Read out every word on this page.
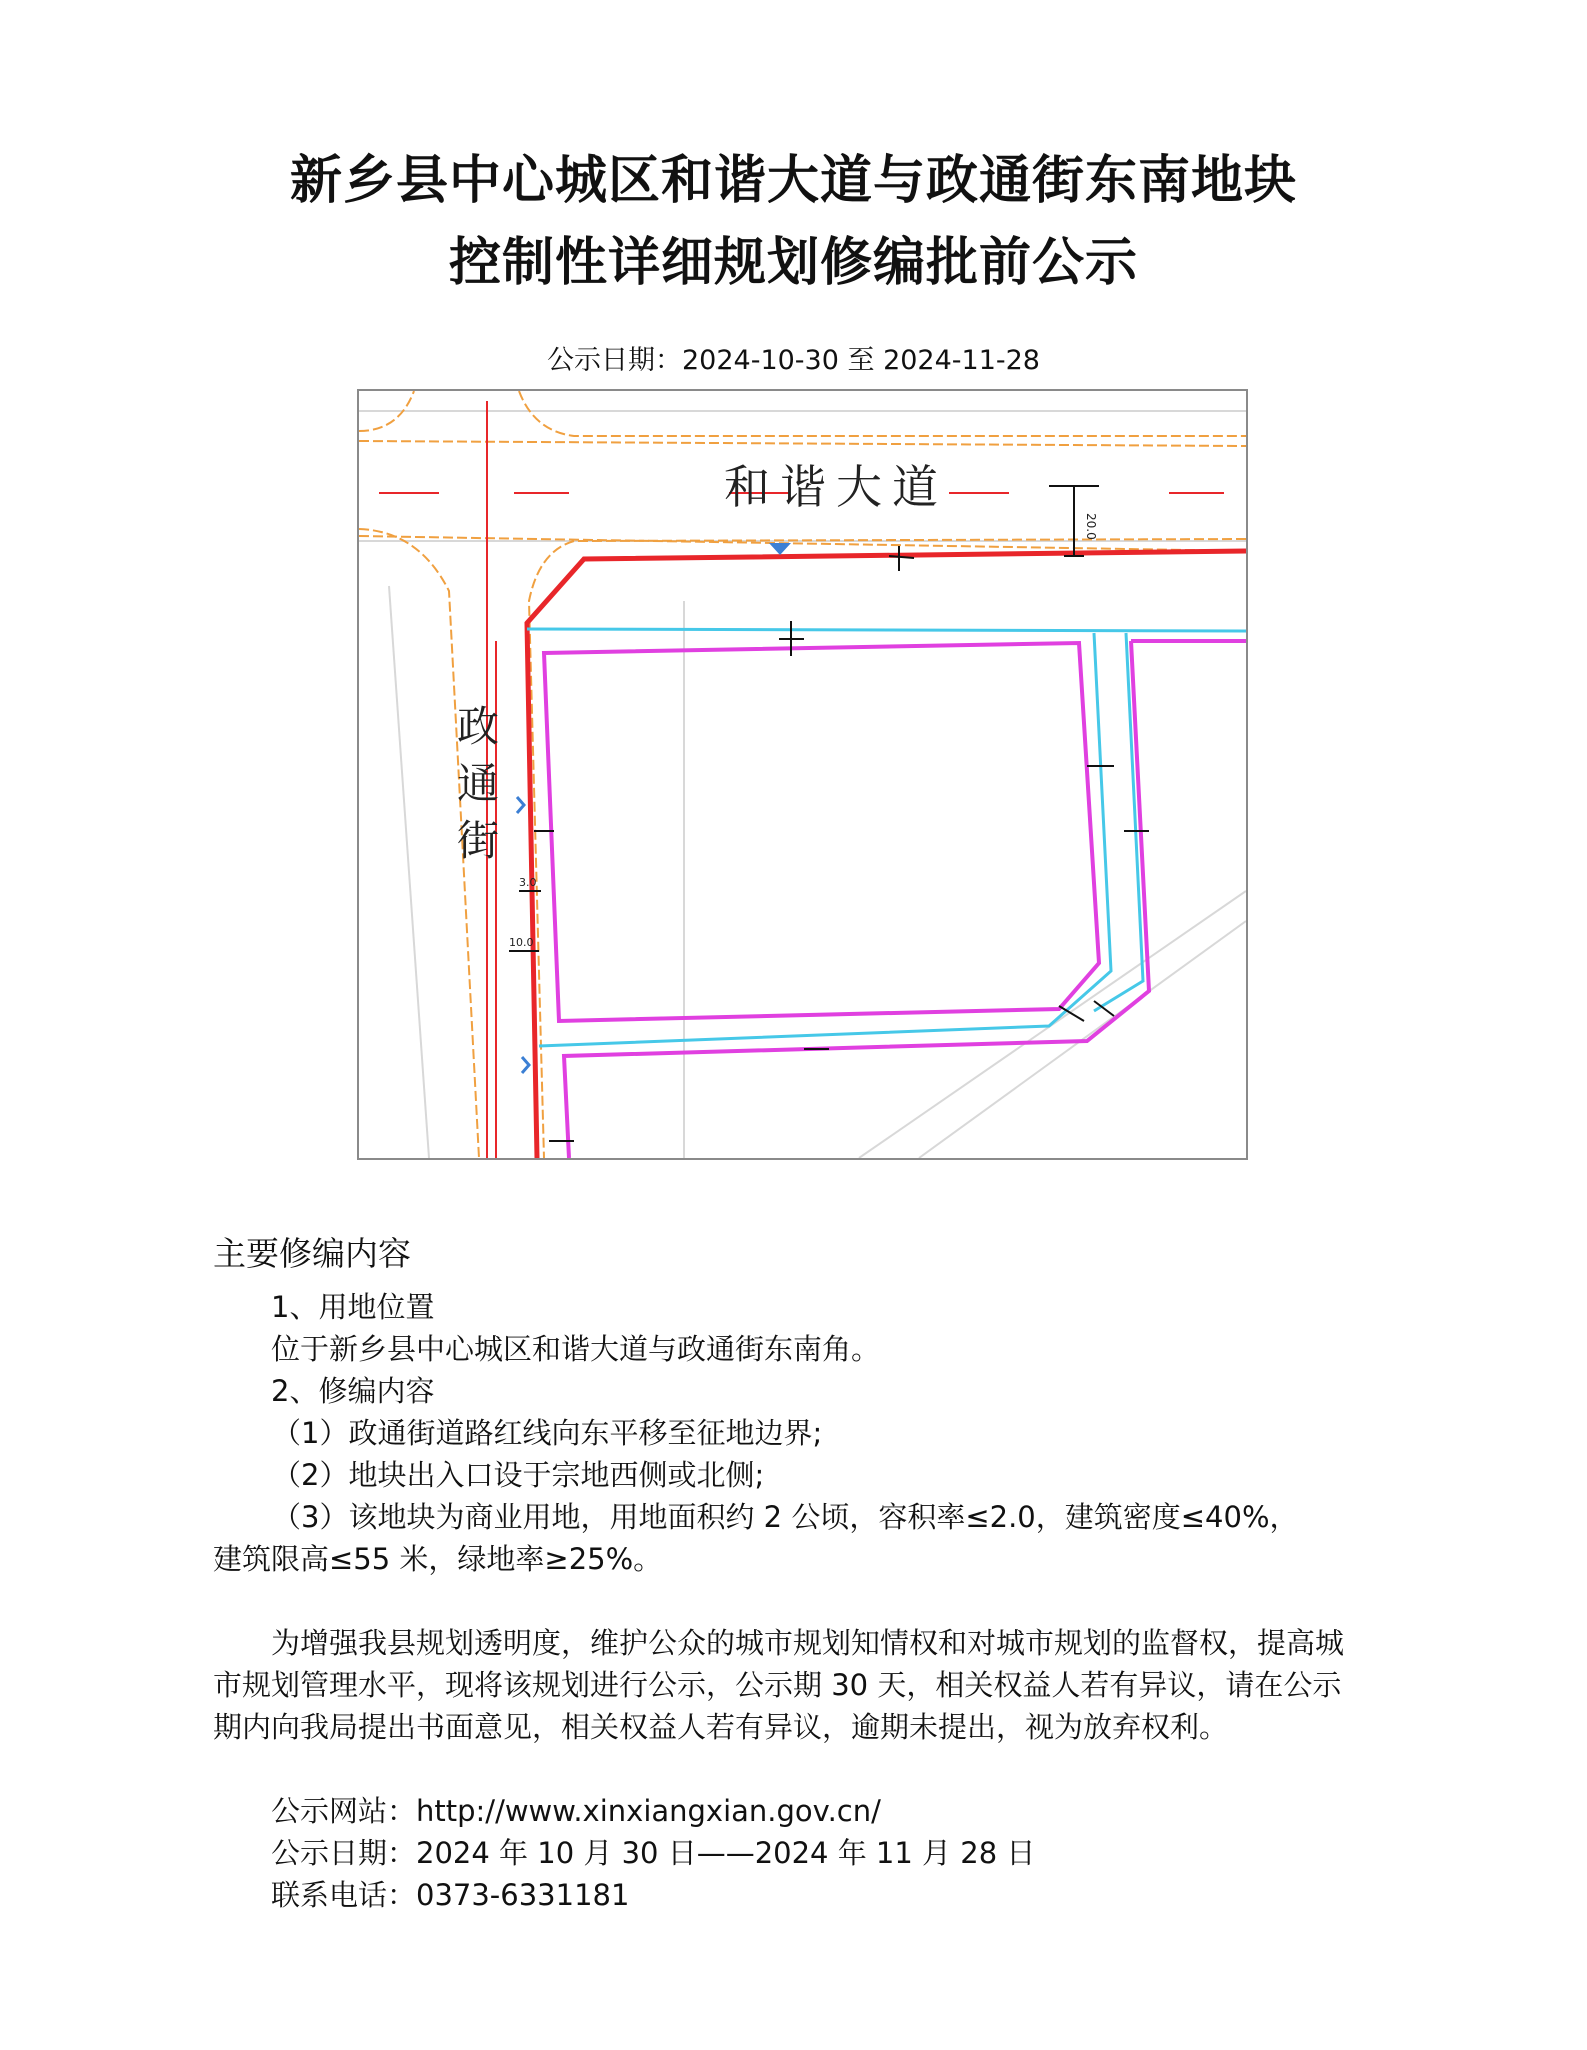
新乡县中心城区和谐大道与政通街东南地块
控制性详细规划修编批前公示
公示日期：2024-10-30 至 2024-11-28
和谐大道
政
通
街
20.0
3.0
10.0
主要修编内容

1、用地位置

位于新乡县中心城区和谐大道与政通街东南角。

2、修编内容

（1）政通街道路红线向东平移至征地边界;

（2）地块出入口设于宗地西侧或北侧;

（3）该地块为商业用地，用地面积约 2 公顷，容积率≤2.0，建筑密度≤40%，

建筑限高≤55 米，绿地率≥25%。

为增强我县规划透明度，维护公众的城市规划知情权和对城市规划的监督权，提高城市规划管理水平，现将该规划进行公示，公示期 30 天，相关权益人若有异议，请在公示期内向我局提出书面意见，相关权益人若有异议，逾期未提出，视为放弃权利。

公示网站：http://www.xinxiangxian.gov.cn/

公示日期：2024 年 10 月 30 日——2024 年 11 月 28 日

联系电话：0373-6331181
